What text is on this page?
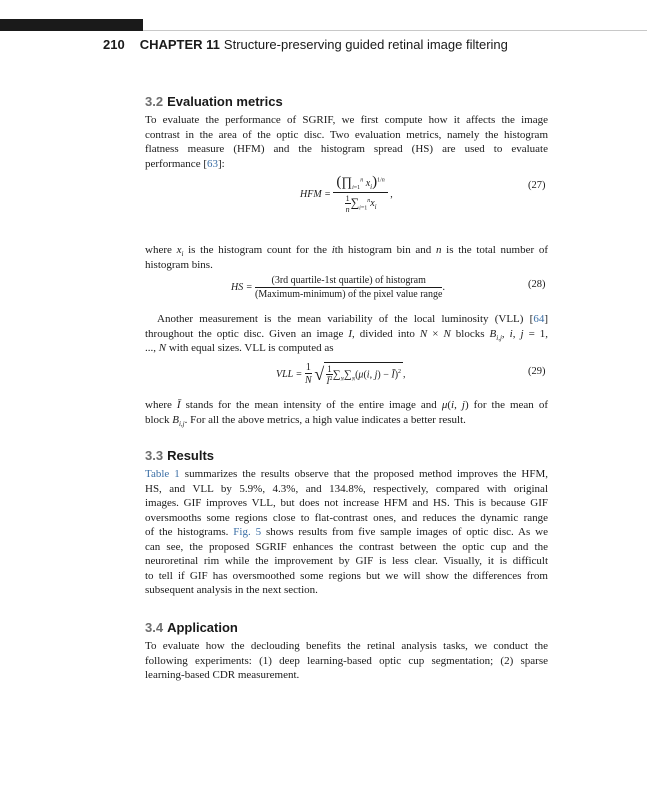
210 CHAPTER 11 Structure-preserving guided retinal image filtering
3.2 Evaluation metrics
To evaluate the performance of SGRIF, we first compute how it affects the image
contrast in the area of the optic disc. Two evaluation metrics, namely the histogram
flatness measure (HFM) and the histogram spread (HS) are used to evaluate
performance [63]:
HFM = $\frac{(\prod_{i=1}^n x_i)^{1/n}}{\frac{1}{n} \sum_{i=1}^nx_i}$ ,
(27)
where $x_i$ is the histogram count for the ith histogram bin and n is the total number of
histogram bins.
HS = $\frac{\text{(3rd quartile-1st quartile) of histogram}}{\text{(Maximum-minimum) of the pixel value range}}$ .	(28)
Another measurement is the mean variability of the local luminosity (VLL) [64]
throughout the optic disc. Given an image I, divided into N × N blocks $B_{i,j}$, i, j = 1,
..., N with equal sizes. VLL is computed as
VLL = $\frac{1}{N}$ √ $\frac{1}{Ī^2} \sum_N\sum_N(\mu(i$, j) − Ī)$^2$ ,	(29)
where Ī stands for the mean intensity of the entire image and μ(i, j) for the mean of
block $B_{i,j}$. For all the above metrics, a high value indicates a better result.
3.3 Results
Table 1 summarizes the results observe that the proposed method improves the HFM,
HS, and VLL by 5.9%, 4.3%, and 134.8%, respectively, compared with original
images. GIF improves VLL, but does not increase HFM and HS. This is because GIF
oversmooths some regions close to flat-contrast ones, and reduces the dynamic range
of the histograms. Fig. 5 shows results from five sample images of optic disc. As we
can see, the proposed SGRIF enhances the contrast between the optic cup and the
neuroretinal rim while the improvement by GIF is less clear. Visually, it is difficult
to tell if GIF has oversmoothed some regions but we will show the differences from
subsequent analysis in the next section.
3.4 Application
To evaluate how the declouding benefits the retinal analysis tasks, we conduct the
following experiments: (1) deep learning-based optic cup segmentation; (2) sparse
learning-based CDR measurement.
